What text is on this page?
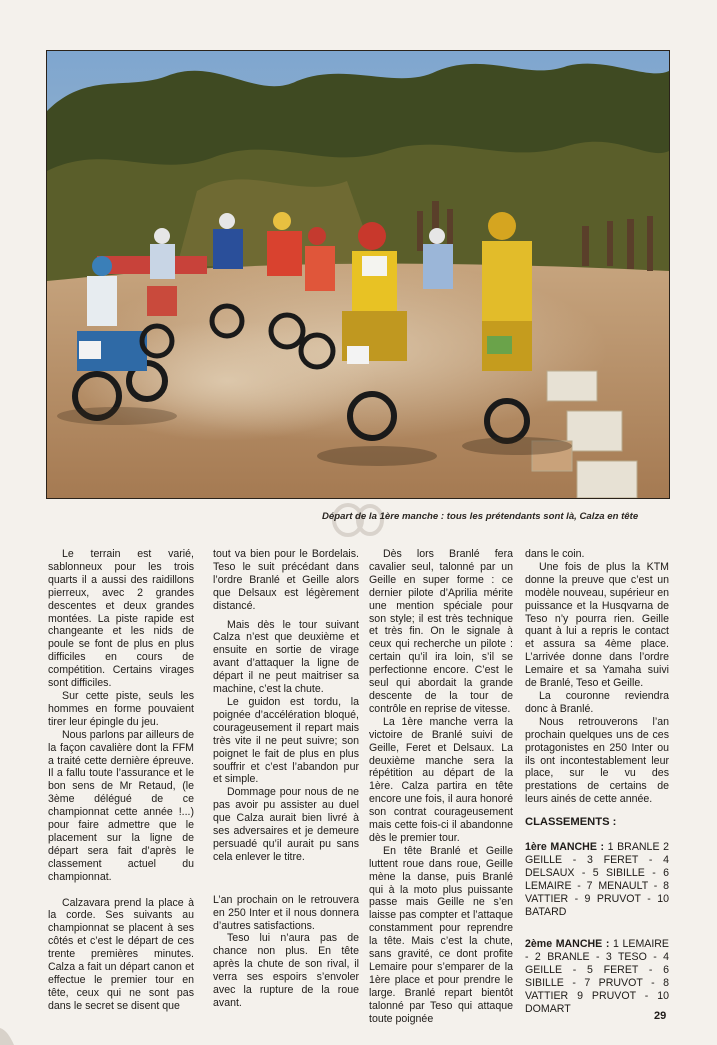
Départ de la 1ère manche : tous les prétendants sont là, Calza en tête

Le terrain est varié, sablonneux pour les trois quarts il a aussi des raidillons pierreux, avec 2 grandes descentes et deux grandes montées. La piste rapide est changeante et les nids de poule se font de plus en plus difficiles en cours de compétition. Certains virages sont difficiles.

Sur cette piste, seuls les hommes en forme pouvaient tirer leur épingle du jeu.

Nous parlons par ailleurs de la façon cavalière dont la FFM a traité cette dernière épreuve. Il a fallu toute l’assurance et le bon sens de Mr Retaud, (le 3ème délégué de ce championnat cette année !...) pour faire admettre que le placement sur la ligne de départ sera fait d’après le classement actuel du championnat.

Calzavara prend la place à la corde. Ses suivants au championnat se placent à ses côtés et c’est le départ de ces trente premières minutes. Calza a fait un départ canon et effectue le premier tour en tête, ceux qui ne sont pas dans le secret se disent que

tout va bien pour le Bordelais. Teso le suit précédant dans l’ordre Branlé et Geille alors que Delsaux est légèrement distancé.

Mais dès le tour suivant Calza n’est que deuxième et ensuite en sortie de virage avant d’attaquer la ligne de départ il ne peut maitriser sa machine, c’est la chute.

Le guidon est tordu, la poignée d’accélération bloqué, courageusement il repart mais très vite il ne peut suivre; son poignet le fait de plus en plus souffrir et c’est l’abandon pur et simple.

Dommage pour nous de ne pas avoir pu assister au duel que Calza aurait bien livré à ses adversaires et je demeure persuadé qu’il aurait pu sans cela enlever le titre.

L’an prochain on le retrouvera en 250 Inter et il nous donnera d’autres satisfactions.

Teso lui n’aura pas de chance non plus. En tête après la chute de son rival, il verra ses espoirs s’envoler avec la rupture de la roue avant.

Dès lors Branlé fera cavalier seul, talonné par un Geille en super forme : ce dernier pilote d’Aprilia mérite une mention spéciale pour son style; il est très technique et très fin. On le signale à ceux qui recherche un pilote : certain qu’il ira loin, s’il se perfectionne encore. C’est le seul qui abordait la grande descente de la tour de contrôle en reprise de vitesse.

La 1ère manche verra la victoire de Branlé suivi de Geille, Feret et Delsaux. La deuxième manche sera la répétition au départ de la 1ère. Calza partira en tête encore une fois, il aura honoré son contrat courageusement mais cette fois-ci il abandonne dès le premier tour.

En tête Branlé et Geille luttent roue dans roue, Geille mène la danse, puis Branlé qui à la moto plus puissante passe mais Geille ne s’en laisse pas compter et l’attaque constamment pour reprendre la tête. Mais c’est la chute, sans gravité, ce dont profite Lemaire pour s’emparer de la 1ère place et pour prendre le large. Branlé repart bientôt talonné par Teso qui attaque toute poignée

dans le coin.

Une fois de plus la KTM donne la preuve que c’est un modèle nouveau, supérieur en puissance et la Husqvarna de Teso n’y pourra rien. Geille quant à lui a repris le contact et assura sa 4ème place. L’arrivée donne dans l’ordre Lemaire et sa Yamaha suivi de Branlé, Teso et Geille.

La couronne reviendra donc à Branlé.

Nous retrouverons l’an prochain quelques uns de ces protagonistes en 250 Inter ou ils ont incontestablement leur place, sur le vu des prestations de certains de leurs ainés de cette année.

CLASSEMENTS :

1ère MANCHE : 1 BRANLE 2 GEILLE - 3 FERET - 4 DELSAUX - 5 SIBILLE - 6 LEMAIRE - 7 MENAULT - 8 VATTIER - 9 PRUVOT - 10 BATARD

2ème MANCHE : 1 LEMAIRE - 2 BRANLE - 3 TESO - 4 GEILLE - 5 FERET - 6 SIBILLE - 7 PRUVOT - 8 VATTIER 9 PRUVOT - 10 DOMART

29
